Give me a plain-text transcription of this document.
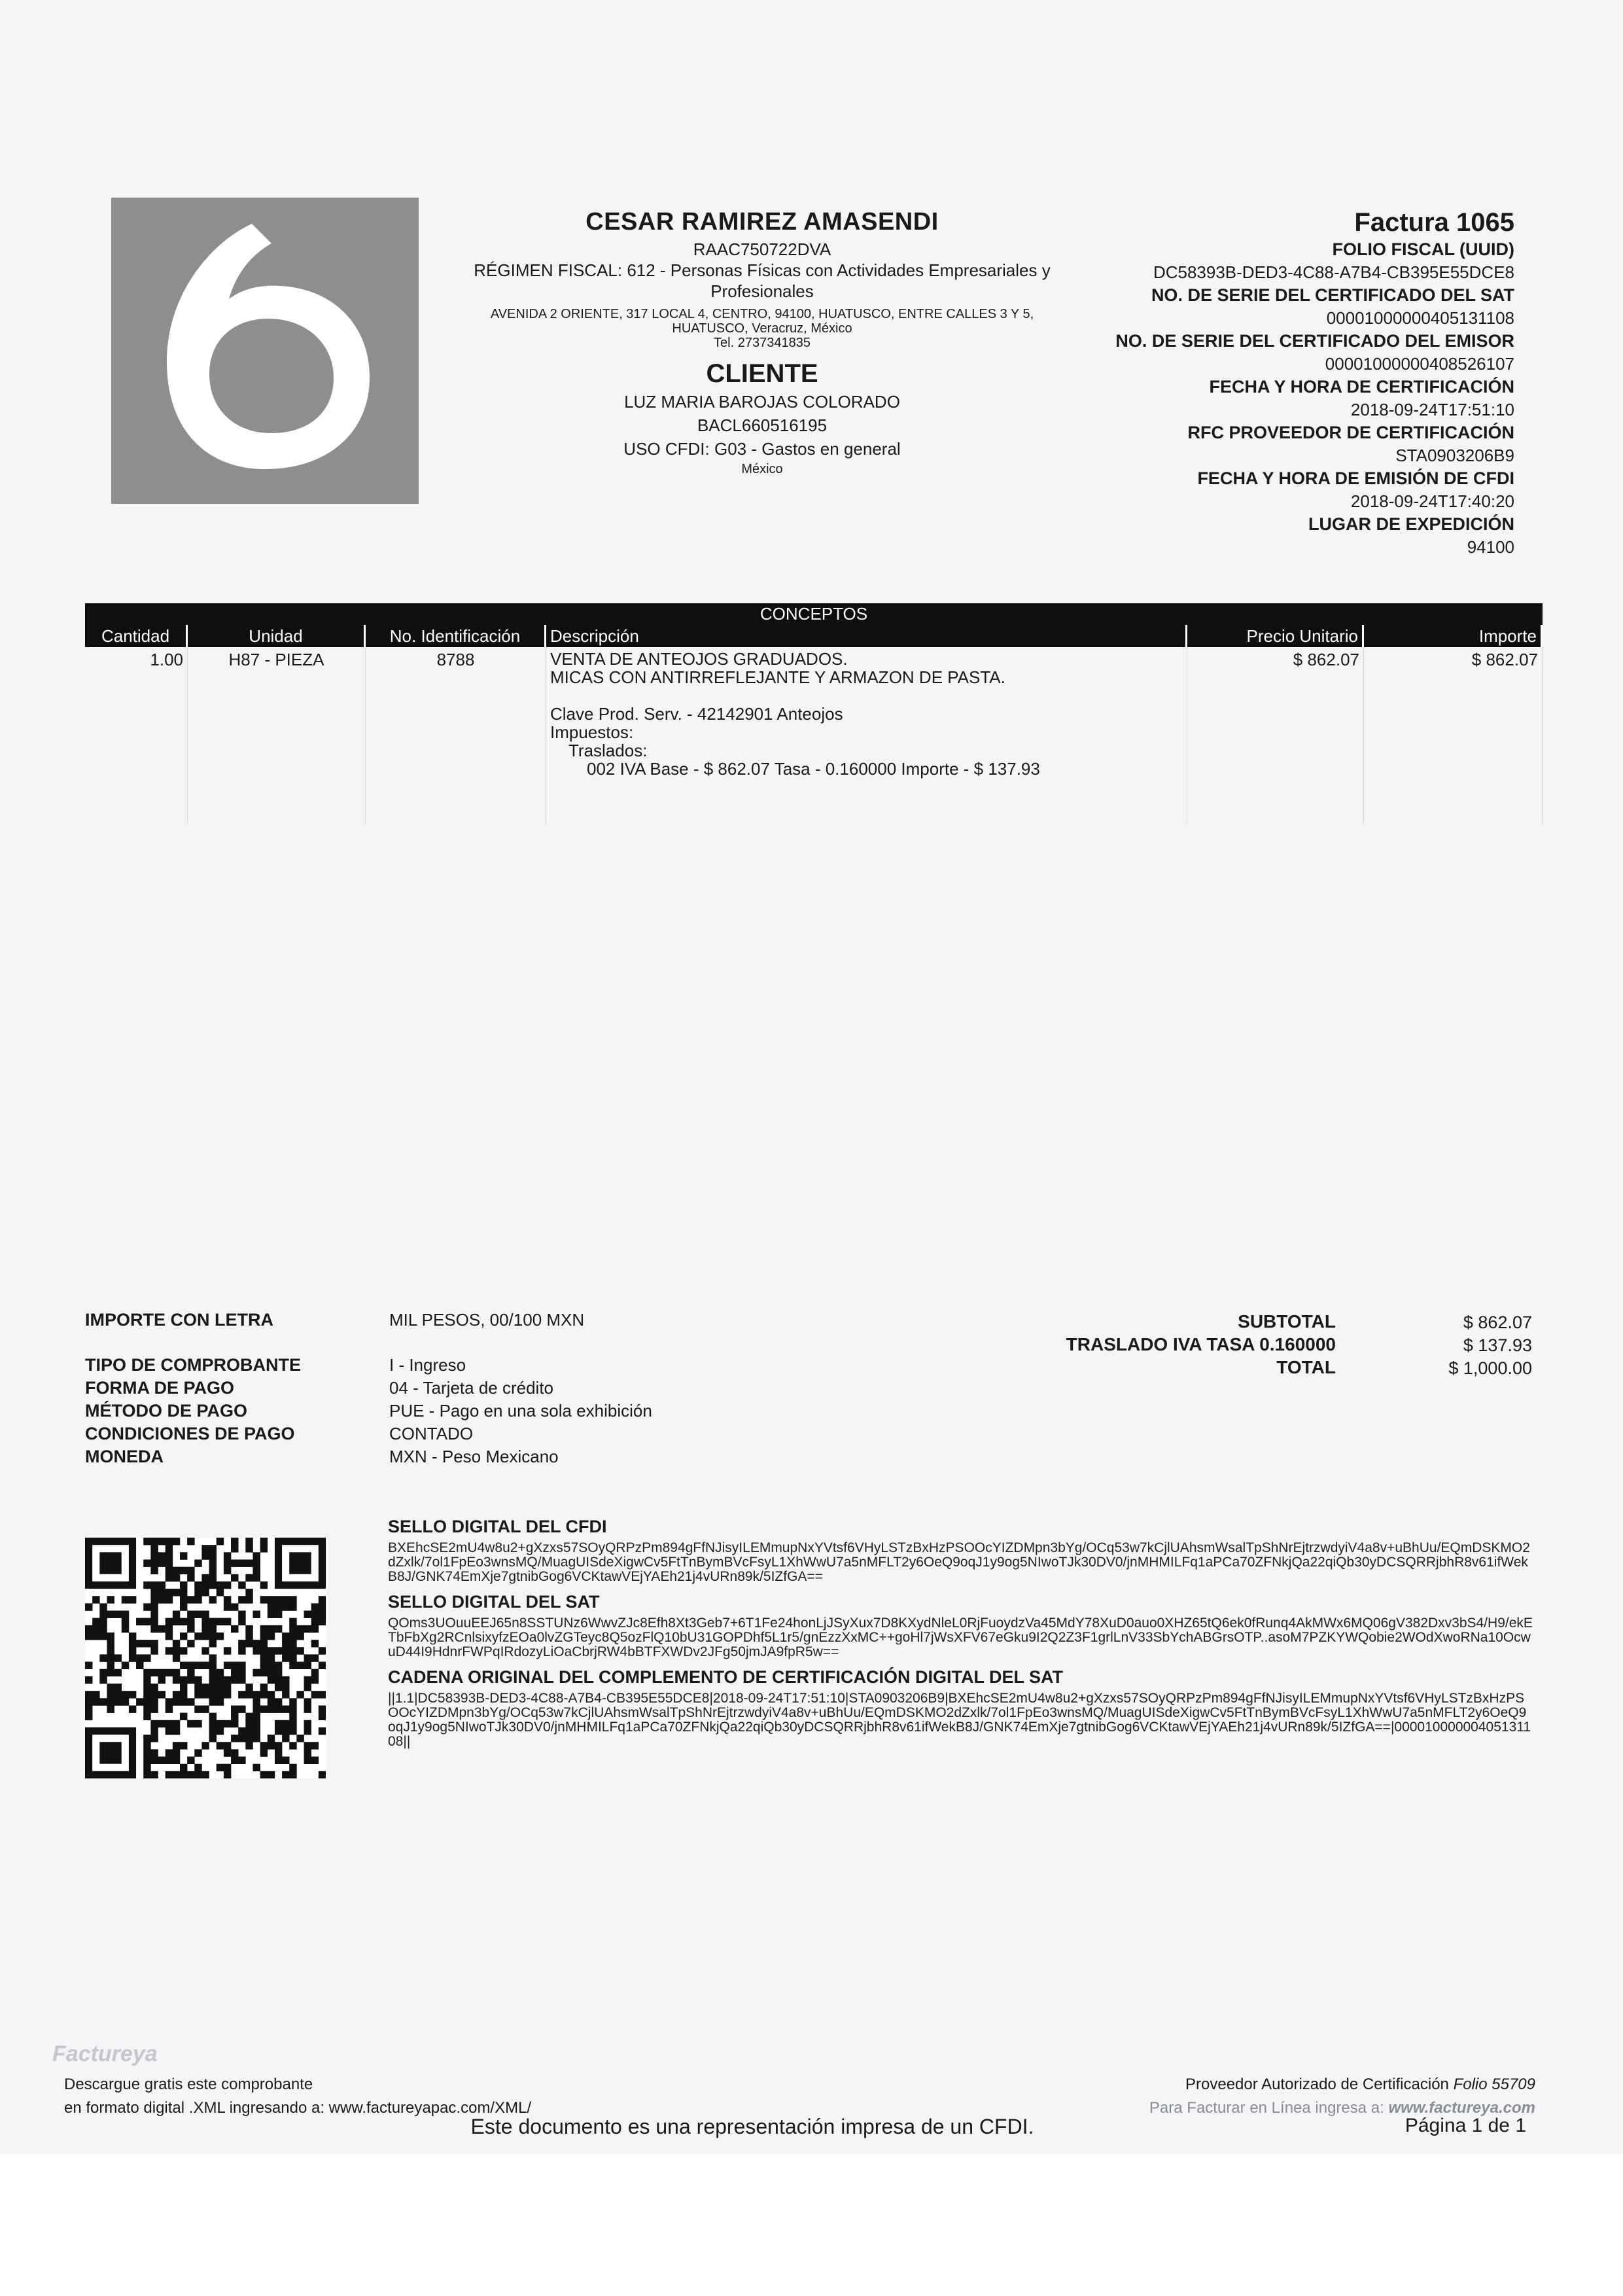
CESAR RAMIREZ AMASENDI
RAAC750722DVA
RÉGIMEN FISCAL: 612 - Personas Físicas con Actividades Empresariales y Profesionales
AVENIDA 2 ORIENTE, 317 LOCAL 4, CENTRO, 94100, HUATUSCO, ENTRE CALLES 3 Y 5, HUATUSCO, Veracruz, México
Tel. 2737341835
CLIENTE
LUZ MARIA BAROJAS COLORADO
BACL660516195
USO CFDI: G03 - Gastos en general
México
Factura 1065
FOLIO FISCAL (UUID)
DC58393B-DED3-4C88-A7B4-CB395E55DCE8
NO. DE SERIE DEL CERTIFICADO DEL SAT
00001000000405131108
NO. DE SERIE DEL CERTIFICADO DEL EMISOR
00001000000408526107
FECHA Y HORA DE CERTIFICACIÓN
2018-09-24T17:51:10
RFC PROVEEDOR DE CERTIFICACIÓN
STA0903206B9
FECHA Y HORA DE EMISIÓN DE CFDI
2018-09-24T17:40:20
LUGAR DE EXPEDICIÓN
94100
CONCEPTOS
Cantidad	Unidad	No. Identificación	Descripción	Precio Unitario	Importe
1.00	H87 - PIEZA	8788	VENTA DE ANTEOJOS GRADUADOS.
MICAS CON ANTIRREFLEJANTE Y ARMAZON DE PASTA.
Clave Prod. Serv. - 42142901 Anteojos
Impuestos:
Traslados:
002 IVA Base - $ 862.07 Tasa - 0.160000 Importe - $ 137.93
$ 862.07	$ 862.07
IMPORTE CON LETRA	MIL PESOS, 00/100 MXN
TIPO DE COMPROBANTE	I - Ingreso
FORMA DE PAGO	04 - Tarjeta de crédito
MÉTODO DE PAGO	PUE - Pago en una sola exhibición
CONDICIONES DE PAGO	CONTADO
MONEDA	MXN - Peso Mexicano
SUBTOTAL	$ 862.07
TRASLADO IVA TASA 0.160000	$ 137.93
TOTAL	$ 1,000.00
SELLO DIGITAL DEL CFDI
BXEhcSE2mU4w8u2+gXzxs57SOyQRPzPm894gFfNJisyILEMmupNxYVtsf6VHyLSTzBxHzPSOOcYIZDMpn3bYg/OCq53w7kCjlUAhsmWsalTpShNrEjtrzwdyiV4a8v+uBhUu/EQmDSKMO2dZxlk/7ol1FpEo3wnsMQ/MuagUISdeXigwCv5FtTnBymBVcFsyL1XhWwU7a5nMFLT2y6OeQ9oqJ1y9og5NIwoTJk30DV0/jnMHMILFq1aPCa70ZFNkjQa22qiQb30yDCSQRRjbhR8v61ifWekB8J/GNK74EmXje7gtnibGog6VCKtawVEjYAEh21j4vURn89k/5IZfGA==
SELLO DIGITAL DEL SAT
QOms3UOuuEEJ65n8SSTUNz6WwvZJc8Efh8Xt3Geb7+6T1Fe24honLjJSyXux7D8KXydNleL0RjFuoydzVa45MdY78XuD0auo0XHZ65tQ6ek0fRunq4AkMWx6MQ06gV382Dxv3bS4/H9/ekETbFbXg2RCnlsixyfzEOa0lvZGTeyc8Q5ozFlQ10bU31GOPDhf5L1r5/gnEzzXxMC++goHl7jWsXFV67eGku9I2Q2Z3F1grlLnV33SbYchABGrsOTP..asoM7PZKYWQobie2WOdXwoRNa10OcwuD44I9HdnrFWPqIRdozyLiOaCbrjRW4bBTFXWDv2JFg50jmJA9fpR5w==
CADENA ORIGINAL DEL COMPLEMENTO DE CERTIFICACIÓN DIGITAL DEL SAT
||1.1|DC58393B-DED3-4C88-A7B4-CB395E55DCE8|2018-09-24T17:51:10|STA0903206B9|BXEhcSE2mU4w8u2+gXzxs57SOyQRPzPm894gFfNJisyILEMmupNxYVtsf6VHyLSTzBxHzPSOOcYIZDMpn3bYg/OCq53w7kCjlUAhsmWsalTpShNrEjtrzwdyiV4a8v+uBhUu/EQmDSKMO2dZxlk/7ol1FpEo3wnsMQ/MuagUISdeXigwCv5FtTnBymBVcFsyL1XhWwU7a5nMFLT2y6OeQ9oqJ1y9og5NIwoTJk30DV0/jnMHMILFq1aPCa70ZFNkjQa22qiQb30yDCSQRRjbhR8v61ifWekB8J/GNK74EmXje7gtnibGog6VCKtawVEjYAEh21j4vURn89k/5IZfGA==|00001000000405131108||
Factureya
Descargue gratis este comprobante
en formato digital .XML ingresando a: www.factureyapac.com/XML/
Proveedor Autorizado de Certificación Folio 55709
Para Facturar en Línea ingresa a: www.factureya.com
Este documento es una representación impresa de un CFDI.	Página 1 de 1
